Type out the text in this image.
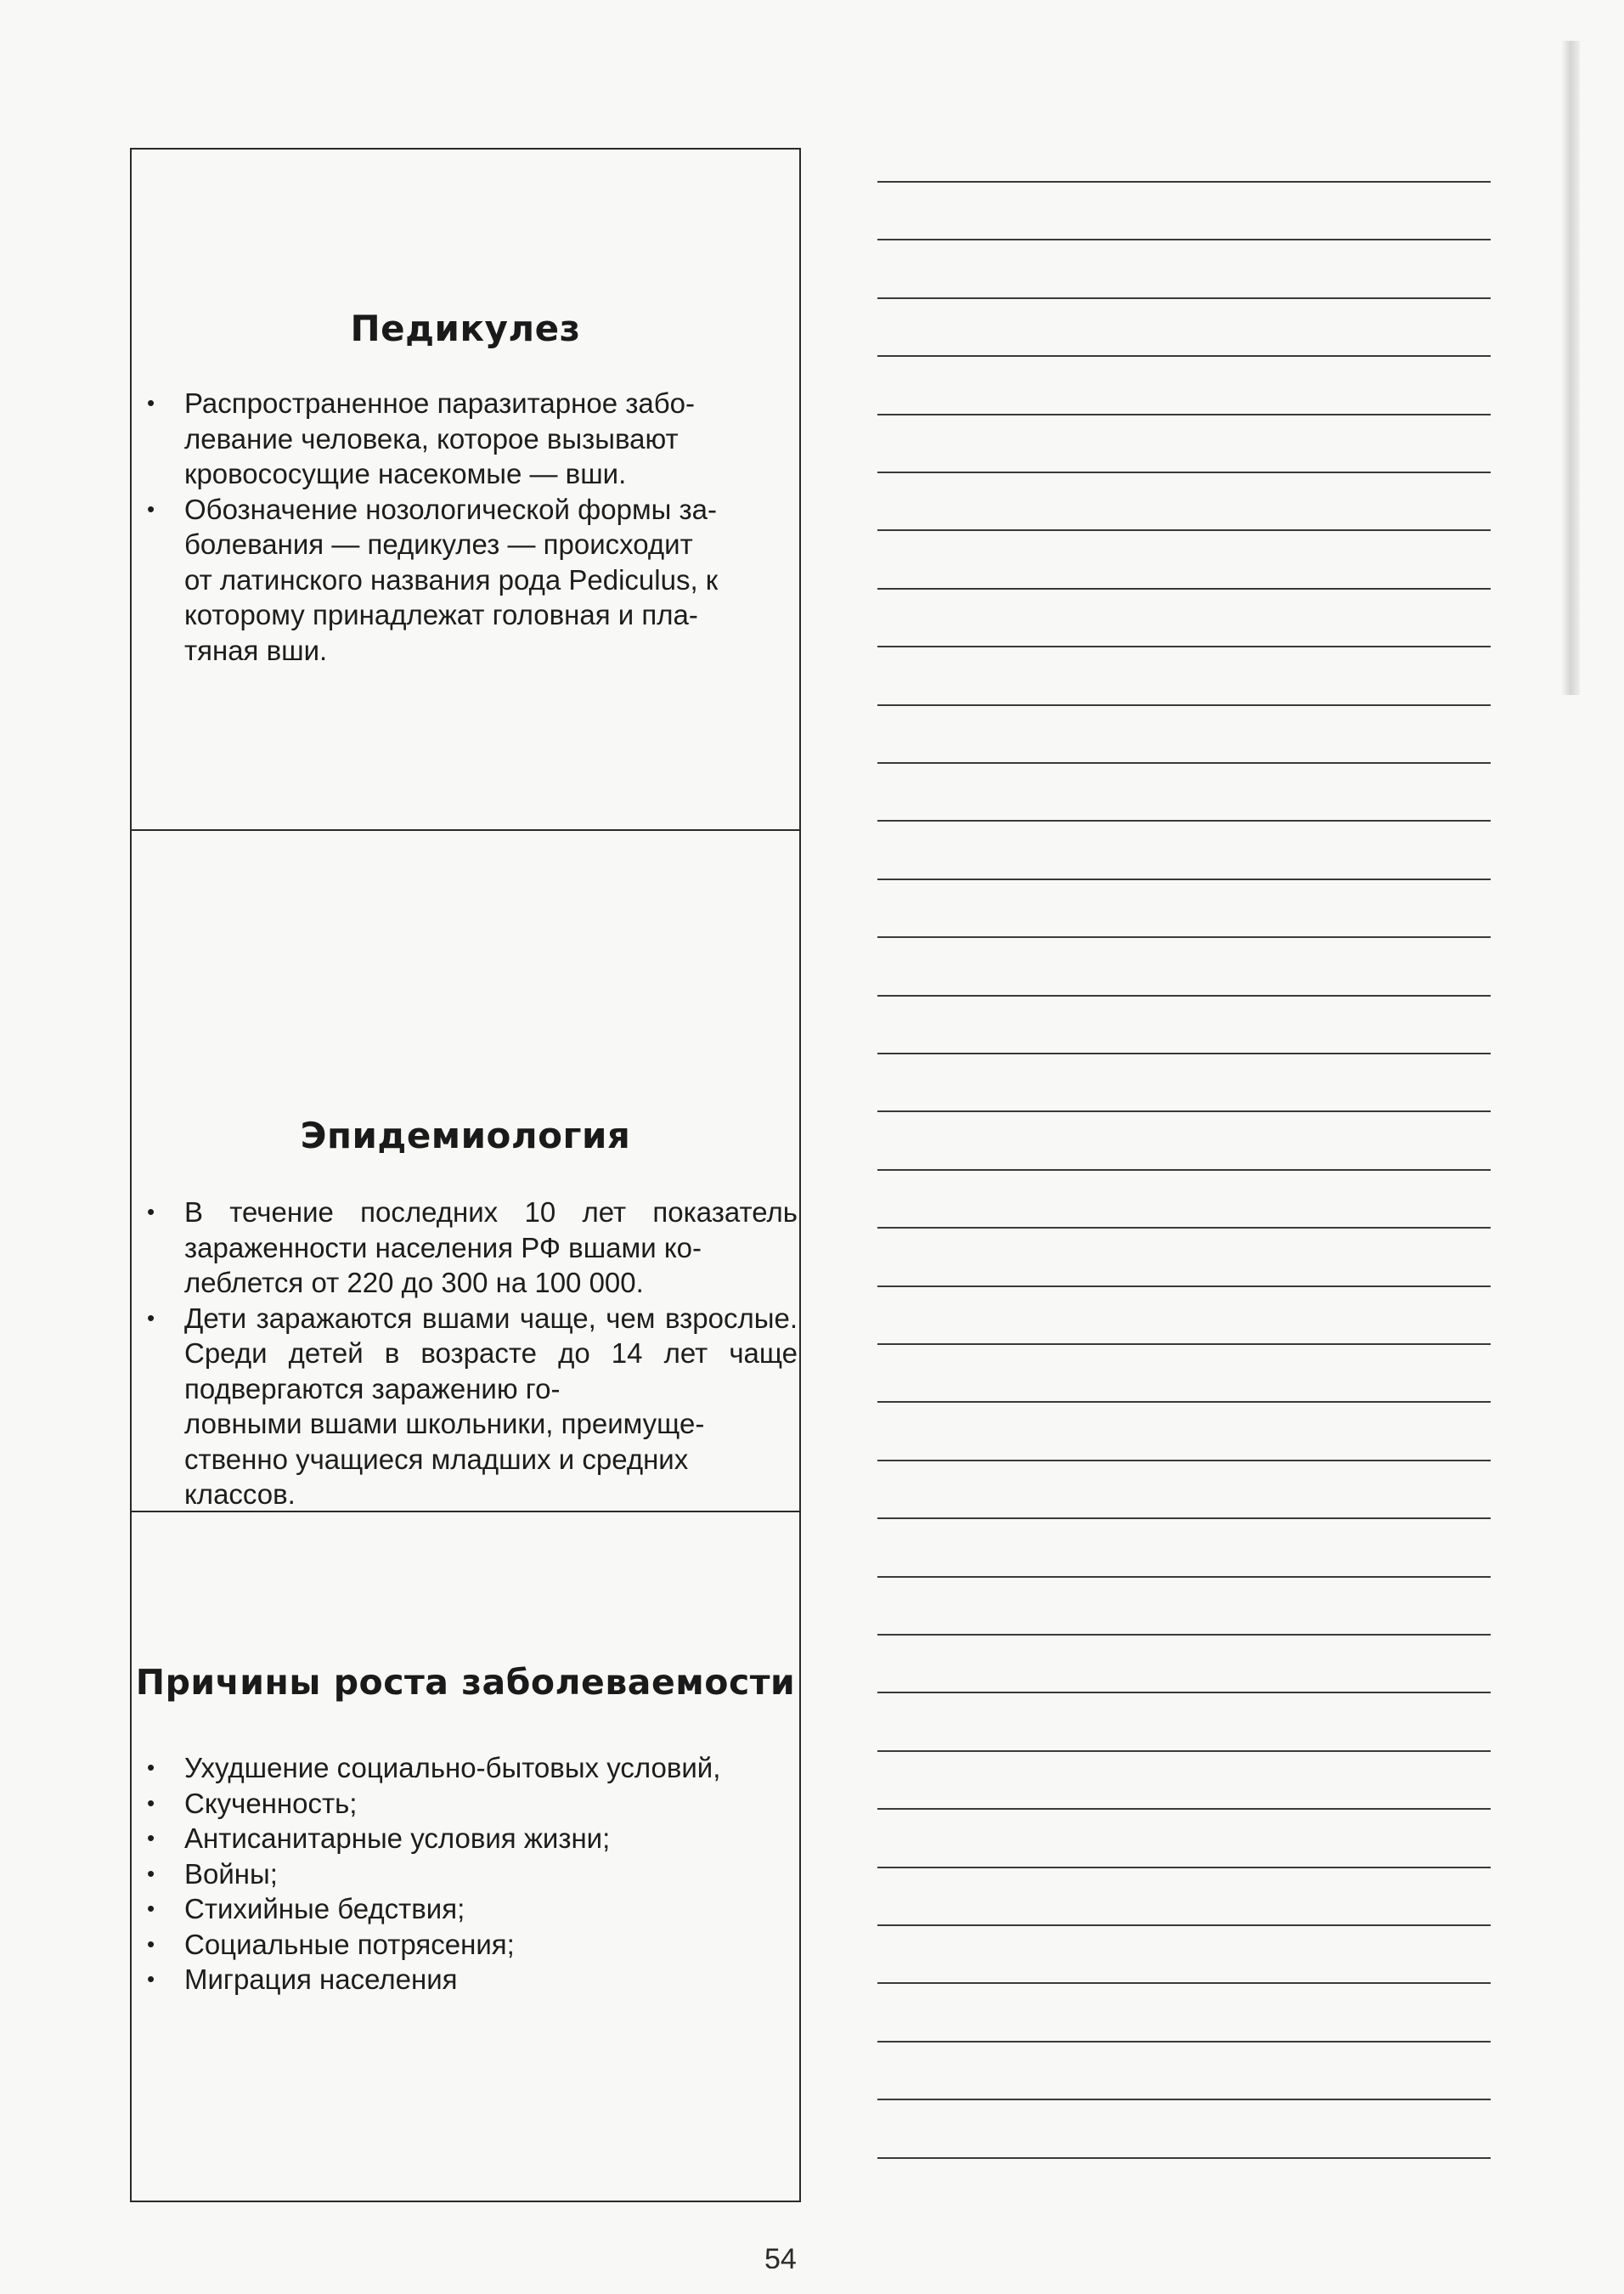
Педикулез
• Распространенное паразитарное забо-
левание человека, которое вызывают
кровососущие насекомые — вши.
• Обозначение нозологической формы за-
болевания — педикулез — происходит
от латинского названия рода Pediculus, к
которому принадлежат головная и пла-
тяная вши.
Эпидемиология
• В течение последних 10 лет показатель зараженности населения РФ вшами ко-
леблется от 220 до 300 на 100 000.
• Дети заражаются вшами чаще, чем взрослые. Среди детей в возрасте до 14 лет чаще подвергаются заражению го-
ловными вшами школьники, преимуще-
ственно учащиеся младших и средних
классов.
Причины роста заболеваемости
• Ухудшение социально-бытовых условий,
• Скученность;
• Антисанитарные условия жизни;
• Войны;
• Стихийные бедствия;
• Социальные потрясения;
• Миграция населения
54
